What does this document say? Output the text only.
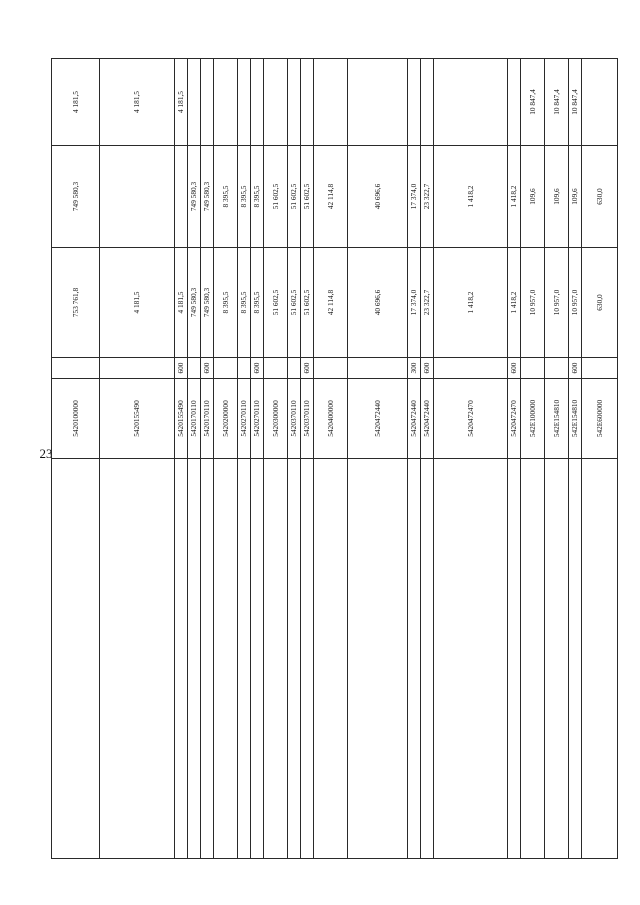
23
	5420100000		753 761,8	749 580,3	4 181,5
	5420155490		4 181,5		4 181,5
	5420155490	600	4 181,5		4 181,5
	5420170110		749 580,3	749 580,3	
	5420170110	600	749 580,3	749 580,3	
	5420200000		8 395,5	8 395,5	
	5420270110		8 395,5	8 395,5	
	5420270110	600	8 395,5	8 395,5	
	5420300000		51 602,5	51 602,5	
	5420370110		51 602,5	51 602,5	
	5420370110	600	51 602,5	51 602,5	
	5420400000		42 114,8	42 114,8	
	5420472440		40 696,6	40 696,6	
	5420472440	300	17 374,0	17 374,0	
	5420472440	600	23 322,7	23 322,7	
	5420472470		1 418,2	1 418,2	
	5420472470	600	1 418,2	1 418,2	
	542E100000		10 957,0	109,6	10 847,4
	542E154810		10 957,0	109,6	10 847,4
	542E154810	600	10 957,0	109,6	10 847,4
	542E600000		630,0	630,0	
